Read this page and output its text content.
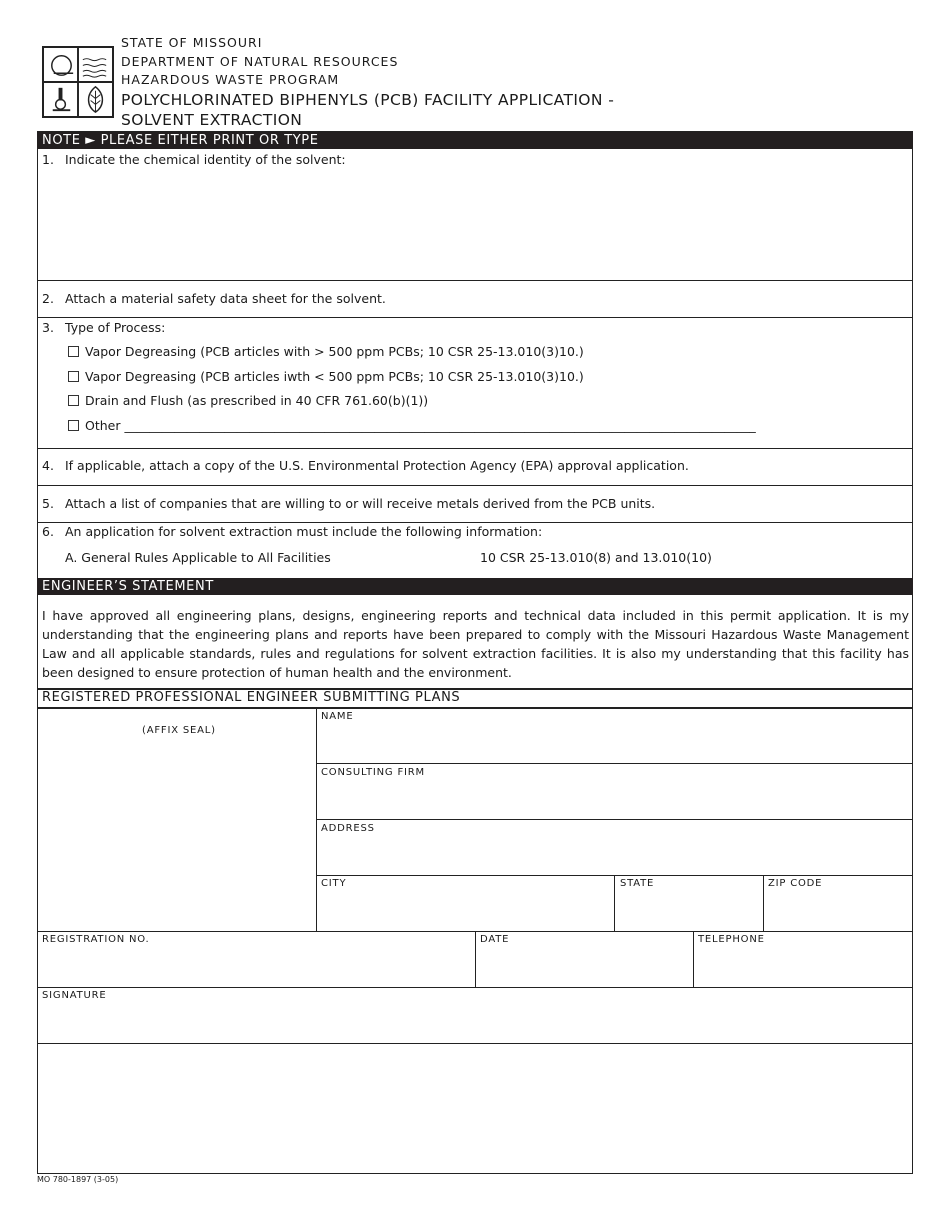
STATE OF MISSOURI
DEPARTMENT OF NATURAL RESOURCES
HAZARDOUS WASTE PROGRAM
POLYCHLORINATED BIPHENYLS (PCB) FACILITY APPLICATION -
SOLVENT EXTRACTION
NOTE ► PLEASE EITHER PRINT OR TYPE
1. Indicate the chemical identity of the solvent:
2. Attach a material safety data sheet for the solvent.
3. Type of Process:
Vapor Degreasing (PCB articles with > 500 ppm PCBs; 10 CSR 25-13.010(3)10.)
Vapor Degreasing (PCB articles iwth < 500 ppm PCBs; 10 CSR 25-13.010(3)10.)
Drain and Flush (as prescribed in 40 CFR 761.60(b)(1))
Other _____________________________________________________________________________________________________
4. If applicable, attach a copy of the U.S. Environmental Protection Agency (EPA) approval application.
5. Attach a list of companies that are willing to or will receive metals derived from the PCB units.
6. An application for solvent extraction must include the following information:
A. General Rules Applicable to All Facilities	10 CSR 25-13.010(8) and 13.010(10)
ENGINEER’S STATEMENT
I have approved all engineering plans, designs, engineering reports and technical data included in this permit application. It is my understanding that the engineering plans and reports have been prepared to comply with the Missouri Hazardous Waste Management Law and all applicable standards, rules and regulations for solvent extraction facilities. It is also my understanding that this facility has been designed to ensure protection of human health and the environment.
REGISTERED PROFESSIONAL ENGINEER SUBMITTING PLANS
(AFFIX SEAL)
NAME
CONSULTING FIRM
ADDRESS
CITY	STATE	ZIP CODE
REGISTRATION NO.	DATE	TELEPHONE
SIGNATURE
MO 780-1897 (3-05)
